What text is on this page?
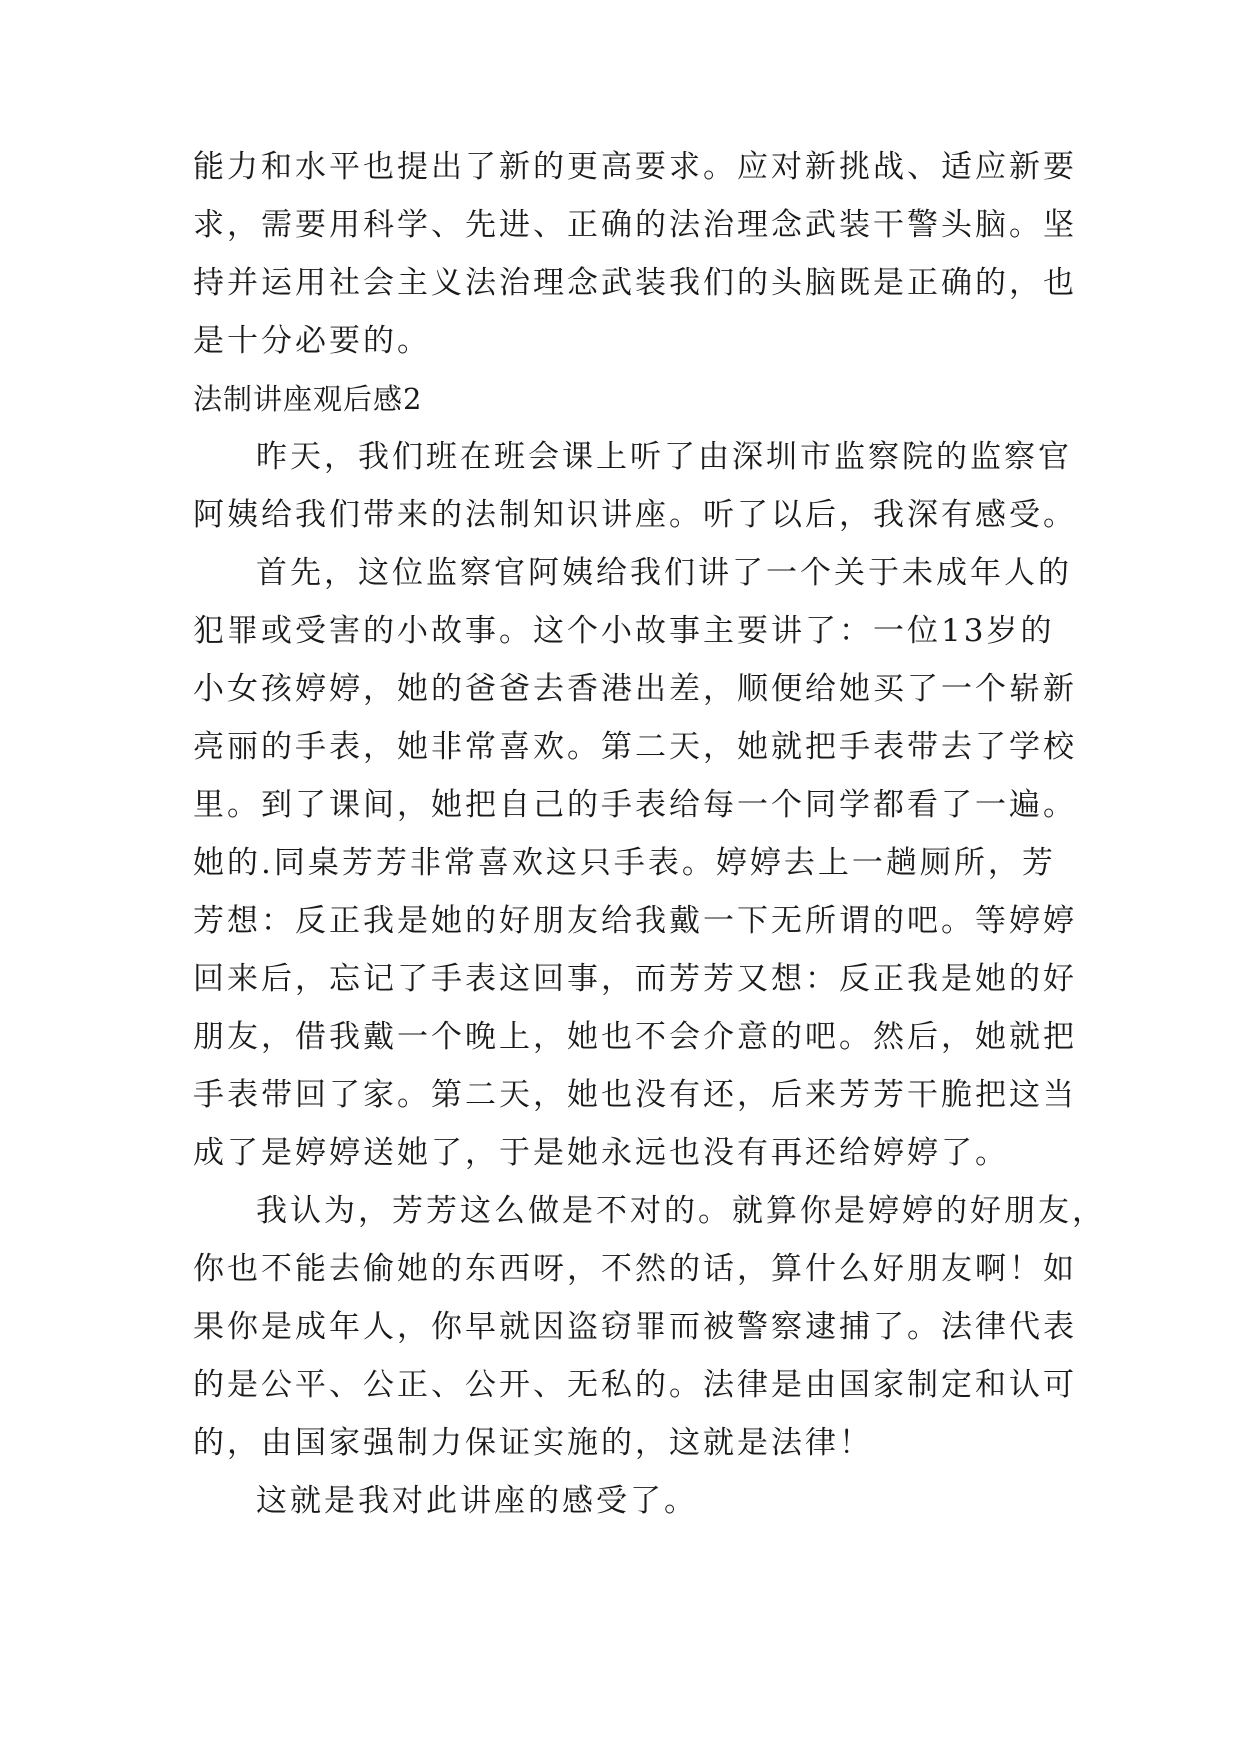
能力和水平也提出了新的更高要求。应对新挑战、适应新要
求，需要用科学、先进、正确的法治理念武装干警头脑。坚
持并运用社会主义法治理念武装我们的头脑既是正确的，也
是十分必要的。
法制讲座观后感2
昨天，我们班在班会课上听了由深圳市监察院的监察官
阿姨给我们带来的法制知识讲座。听了以后，我深有感受。
首先，这位监察官阿姨给我们讲了一个关于未成年人的
犯罪或受害的小故事。这个小故事主要讲了：一位13岁的
小女孩婷婷，她的爸爸去香港出差，顺便给她买了一个崭新
亮丽的手表，她非常喜欢。第二天，她就把手表带去了学校
里。到了课间，她把自己的手表给每一个同学都看了一遍。
她的.同桌芳芳非常喜欢这只手表。婷婷去上一趟厕所，芳
芳想：反正我是她的好朋友给我戴一下无所谓的吧。等婷婷
回来后，忘记了手表这回事，而芳芳又想：反正我是她的好
朋友，借我戴一个晚上，她也不会介意的吧。然后，她就把
手表带回了家。第二天，她也没有还，后来芳芳干脆把这当
成了是婷婷送她了，于是她永远也没有再还给婷婷了。
我认为，芳芳这么做是不对的。就算你是婷婷的好朋友，
你也不能去偷她的东西呀，不然的话，算什么好朋友啊！如
果你是成年人，你早就因盗窃罪而被警察逮捕了。法律代表
的是公平、公正、公开、无私的。法律是由国家制定和认可
的，由国家强制力保证实施的，这就是法律！
这就是我对此讲座的感受了。
